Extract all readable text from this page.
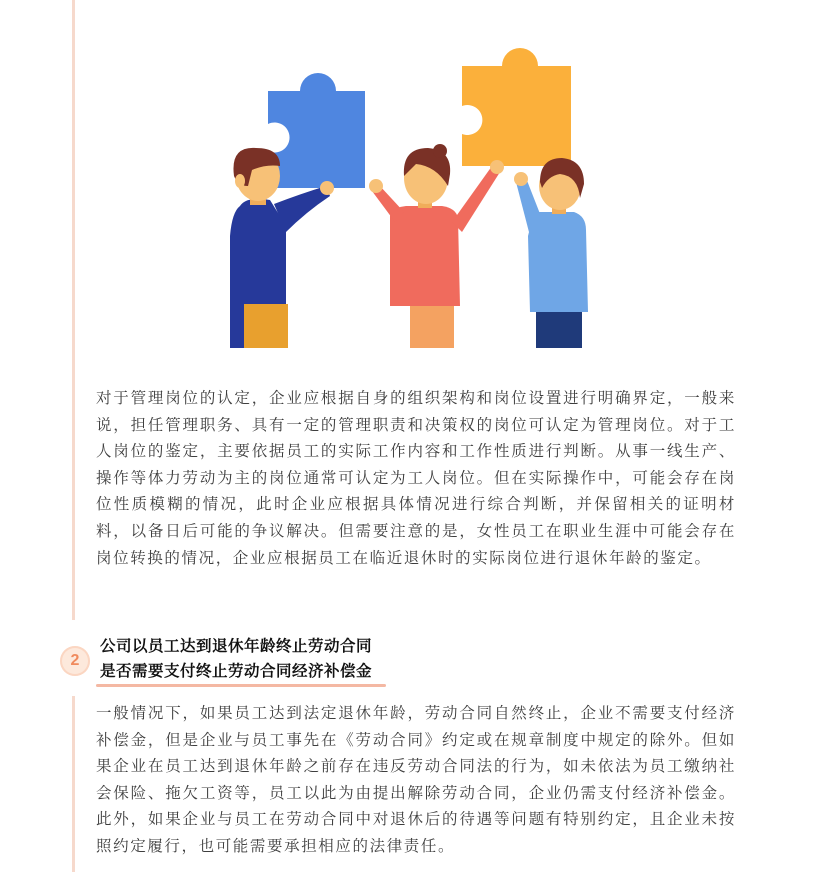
对于管理岗位的认定，企业应根据自身的组织架构和岗位设置进行明确界定，一般来说，担任管理职务、具有一定的管理职责和决策权的岗位可认定为管理岗位。对于工人岗位的鉴定，主要依据员工的实际工作内容和工作性质进行判断。从事一线生产、操作等体力劳动为主的岗位通常可认定为工人岗位。但在实际操作中，可能会存在岗位性质模糊的情况，此时企业应根据具体情况进行综合判断，并保留相关的证明材料，以备日后可能的争议解决。但需要注意的是，女性员工在职业生涯中可能会存在岗位转换的情况，企业应根据员工在临近退休时的实际岗位进行退休年龄的鉴定。

2
公司以员工达到退休年龄终止劳动合同
是否需要支付终止劳动合同经济补偿金

一般情况下，如果员工达到法定退休年龄，劳动合同自然终止，企业不需要支付经济补偿金，但是企业与员工事先在《劳动合同》约定或在规章制度中规定的除外。但如果企业在员工达到退休年龄之前存在违反劳动合同法的行为，如未依法为员工缴纳社会保险、拖欠工资等，员工以此为由提出解除劳动合同，企业仍需支付经济补偿金。此外，如果企业与员工在劳动合同中对退休后的待遇等问题有特别约定，且企业未按照约定履行，也可能需要承担相应的法律责任。
